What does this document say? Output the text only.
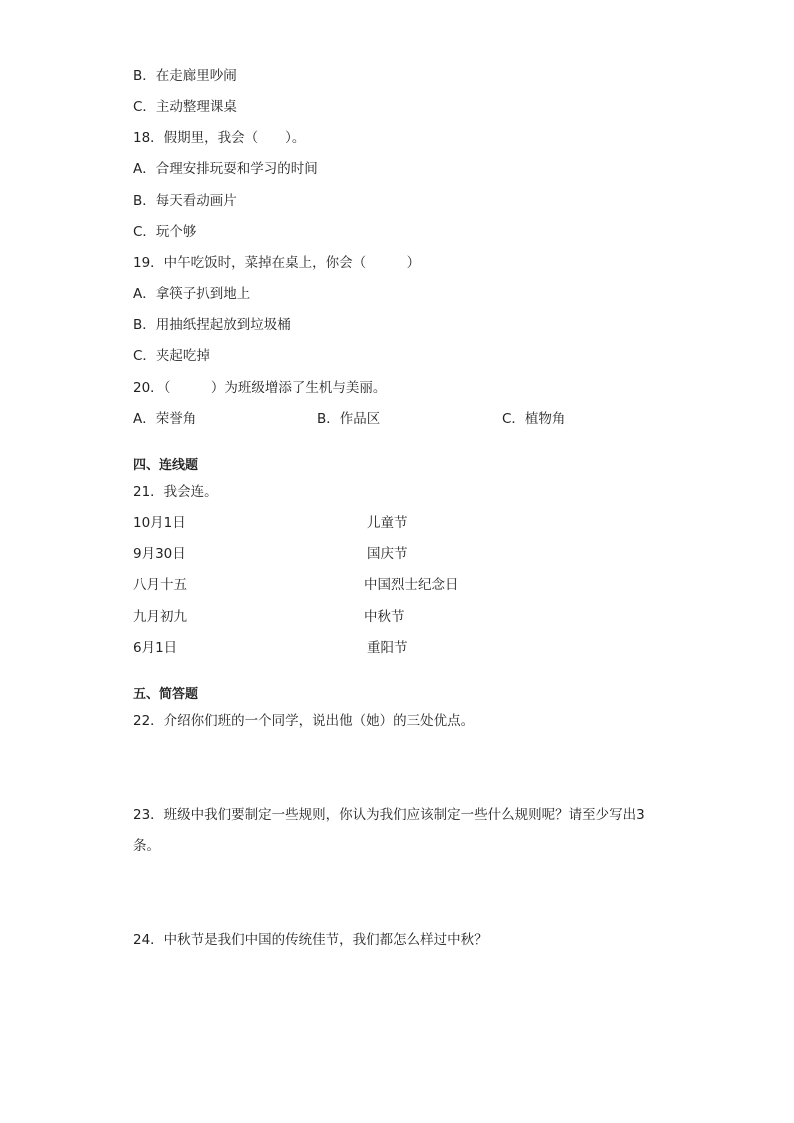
B．在走廊里吵闹
C．主动整理课桌
18．假期里，我会（　　）。
A．合理安排玩耍和学习的时间
B．每天看动画片
C．玩个够
19．中午吃饭时，菜掉在桌上，你会（　　　）
A．拿筷子扒到地上
B．用抽纸捏起放到垃圾桶
C．夹起吃掉
20．（　　　）为班级增添了生机与美丽。
A．荣誉角	B．作品区	C．植物角
四、连线题
21．我会连。
10月1日
9月30日
八月十五
九月初九
6月1日
儿童节
国庆节
中国烈士纪念日
中秋节
重阳节
五、简答题
22．介绍你们班的一个同学，说出他（她）的三处优点。
23．班级中我们要制定一些规则，你认为我们应该制定一些什么规则呢？请至少写出3
条。
24．中秋节是我们中国的传统佳节，我们都怎么样过中秋？
